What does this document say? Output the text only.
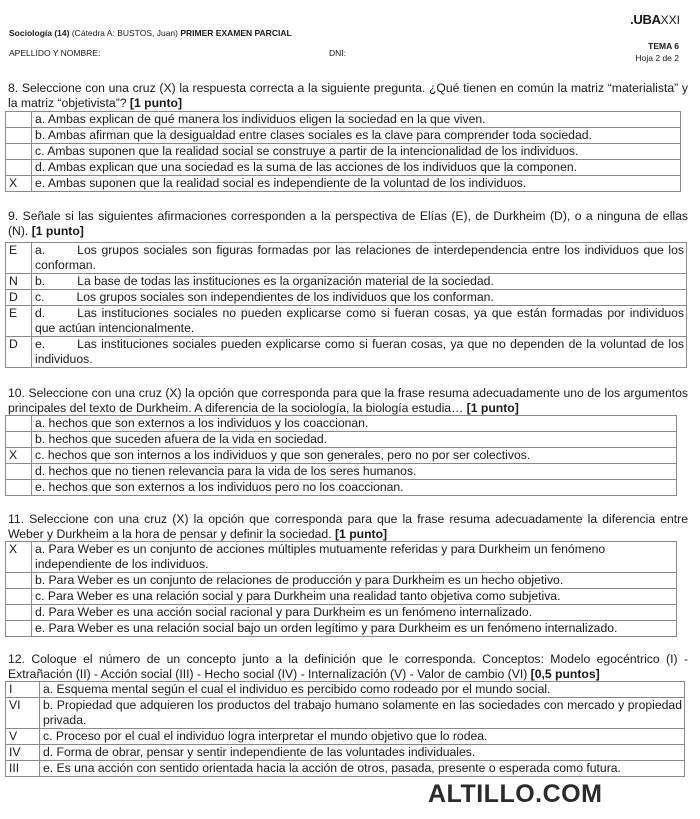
Sociología (14) (Cátedra A: BUSTOS, Juan) PRIMER EXAMEN PARCIAL
APELLIDO Y NOMBRE:	DNI:
.UBAXXI
TEMA 6
Hoja 2 de 2
8. Seleccione con una cruz (X) la respuesta correcta a la siguiente pregunta. ¿Qué tienen en común la matriz “materialista” y la matriz “objetivista”? [1 punto]
	a. Ambas explican de qué manera los individuos eligen la sociedad en la que viven.
	b. Ambas afirman que la desigualdad entre clases sociales es la clave para comprender toda sociedad.
	c. Ambas suponen que la realidad social se construye a partir de la intencionalidad de los individuos.
	d. Ambas explican que una sociedad es la suma de las acciones de los individuos que la componen.
X	e. Ambas suponen que la realidad social es independiente de la voluntad de los individuos.
9. Señale si las siguientes afirmaciones corresponden a la perspectiva de Elías (E), de Durkheim (D), o a ninguna de ellas (N). [1 punto]
E	a. Los grupos sociales son figuras formadas por las relaciones de interdependencia entre los individuos que los conforman.
N	b. La base de todas las instituciones es la organización material de la sociedad.
D	c. Los grupos sociales son independientes de los individuos que los conforman.
E	d. Las instituciones sociales no pueden explicarse como si fueran cosas, ya que están formadas por individuos que actúan intencionalmente.
D	e. Las instituciones sociales pueden explicarse como si fueran cosas, ya que no dependen de la voluntad de los individuos.
10. Seleccione con una cruz (X) la opción que corresponda para que la frase resuma adecuadamente uno de los argumentos principales del texto de Durkheim. A diferencia de la sociología, la biología estudia… [1 punto]
	a. hechos que son externos a los individuos y los coaccionan.
	b. hechos que suceden afuera de la vida en sociedad.
X	c. hechos que son internos a los individuos y que son generales, pero no por ser colectivos.
	d. hechos que no tienen relevancia para la vida de los seres humanos.
	e. hechos que son externos a los individuos pero no los coaccionan.
11. Seleccione con una cruz (X) la opción que corresponda para que la frase resuma adecuadamente la diferencia entre Weber y Durkheim a la hora de pensar y definir la sociedad. [1 punto]
X	a. Para Weber es un conjunto de acciones múltiples mutuamente referidas y para Durkheim un fenómeno independiente de los individuos.
	b. Para Weber es un conjunto de relaciones de producción y para Durkheim es un hecho objetivo.
	c. Para Weber es una relación social y para Durkheim una realidad tanto objetiva como subjetiva.
	d. Para Weber es una acción social racional y para Durkheim es un fenómeno internalizado.
	e. Para Weber es una relación social bajo un orden legítimo y para Durkheim es un fenómeno internalizado.
12. Coloque el número de un concepto junto a la definición que le corresponda. Conceptos: Modelo egocéntrico (I) - Extrañación (II) - Acción social (III) - Hecho social (IV) - Internalización (V) - Valor de cambio (VI) [0,5 puntos]
I	a. Esquema mental según el cual el individuo es percibido como rodeado por el mundo social.
VI	b. Propiedad que adquieren los productos del trabajo humano solamente en las sociedades con mercado y propiedad privada.
V	c. Proceso por el cual el individuo logra interpretar el mundo objetivo que lo rodea.
IV	d. Forma de obrar, pensar y sentir independiente de las voluntades individuales.
III	e. Es una acción con sentido orientada hacia la acción de otros, pasada, presente o esperada como futura.
ALTILLO.COM
